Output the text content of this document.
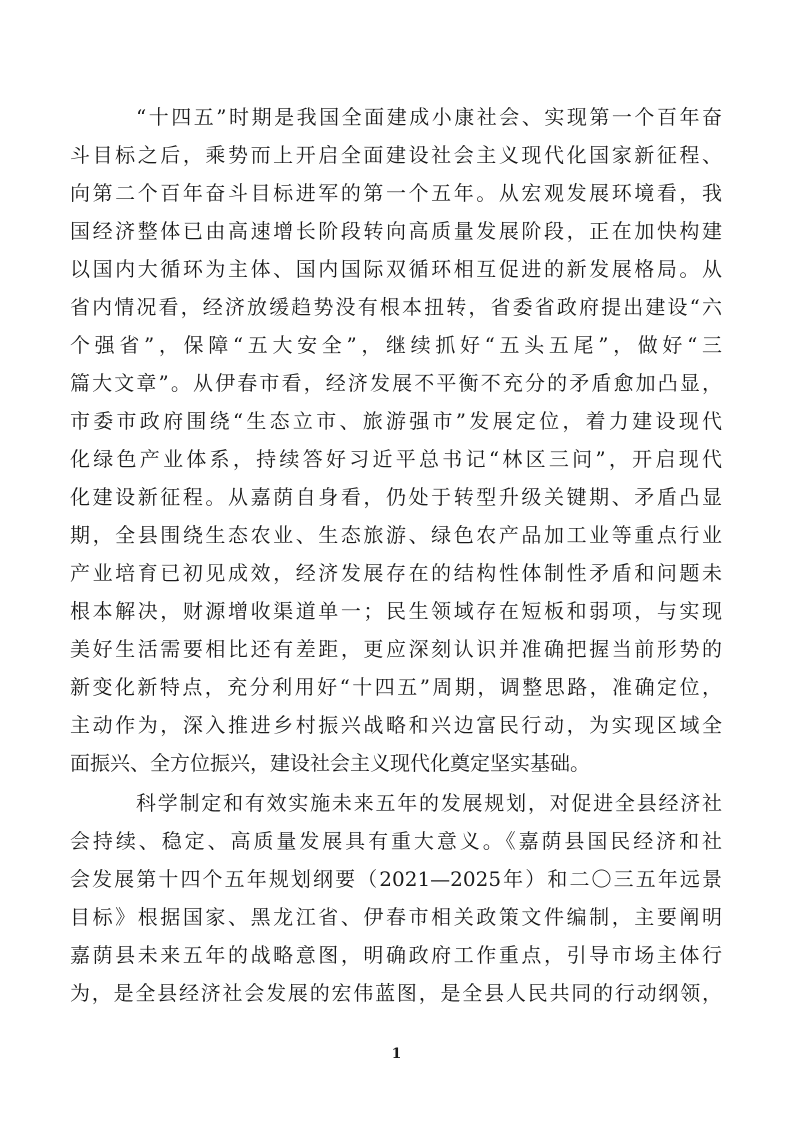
“十四五”时期是我国全面建成小康社会、实现第一个百年奋
斗目标之后，乘势而上开启全面建设社会主义现代化国家新征程、
向第二个百年奋斗目标进军的第一个五年。从宏观发展环境看，我
国经济整体已由高速增长阶段转向高质量发展阶段，正在加快构建
以国内大循环为主体、国内国际双循环相互促进的新发展格局。从
省内情况看，经济放缓趋势没有根本扭转，省委省政府提出建设“六
个强省”，保障“五大安全”，继续抓好“五头五尾”，做好“三
篇大文章”。从伊春市看，经济发展不平衡不充分的矛盾愈加凸显，
市委市政府围绕“生态立市、旅游强市”发展定位，着力建设现代
化绿色产业体系，持续答好习近平总书记“林区三问”，开启现代
化建设新征程。从嘉荫自身看，仍处于转型升级关键期、矛盾凸显
期，全县围绕生态农业、生态旅游、绿色农产品加工业等重点行业
产业培育已初见成效，经济发展存在的结构性体制性矛盾和问题未
根本解决，财源增收渠道单一；民生领域存在短板和弱项，与实现
美好生活需要相比还有差距，更应深刻认识并准确把握当前形势的
新变化新特点，充分利用好“十四五”周期，调整思路，准确定位，
主动作为，深入推进乡村振兴战略和兴边富民行动，为实现区域全
面振兴、全方位振兴，建设社会主义现代化奠定坚实基础。
科学制定和有效实施未来五年的发展规划，对促进全县经济社
会持续、稳定、高质量发展具有重大意义。《嘉荫县国民经济和社
会发展第十四个五年规划纲要（2021—2025年）和二〇三五年远景
目标》根据国家、黑龙江省、伊春市相关政策文件编制，主要阐明
嘉荫县未来五年的战略意图，明确政府工作重点，引导市场主体行
为，是全县经济社会发展的宏伟蓝图，是全县人民共同的行动纲领，
1
